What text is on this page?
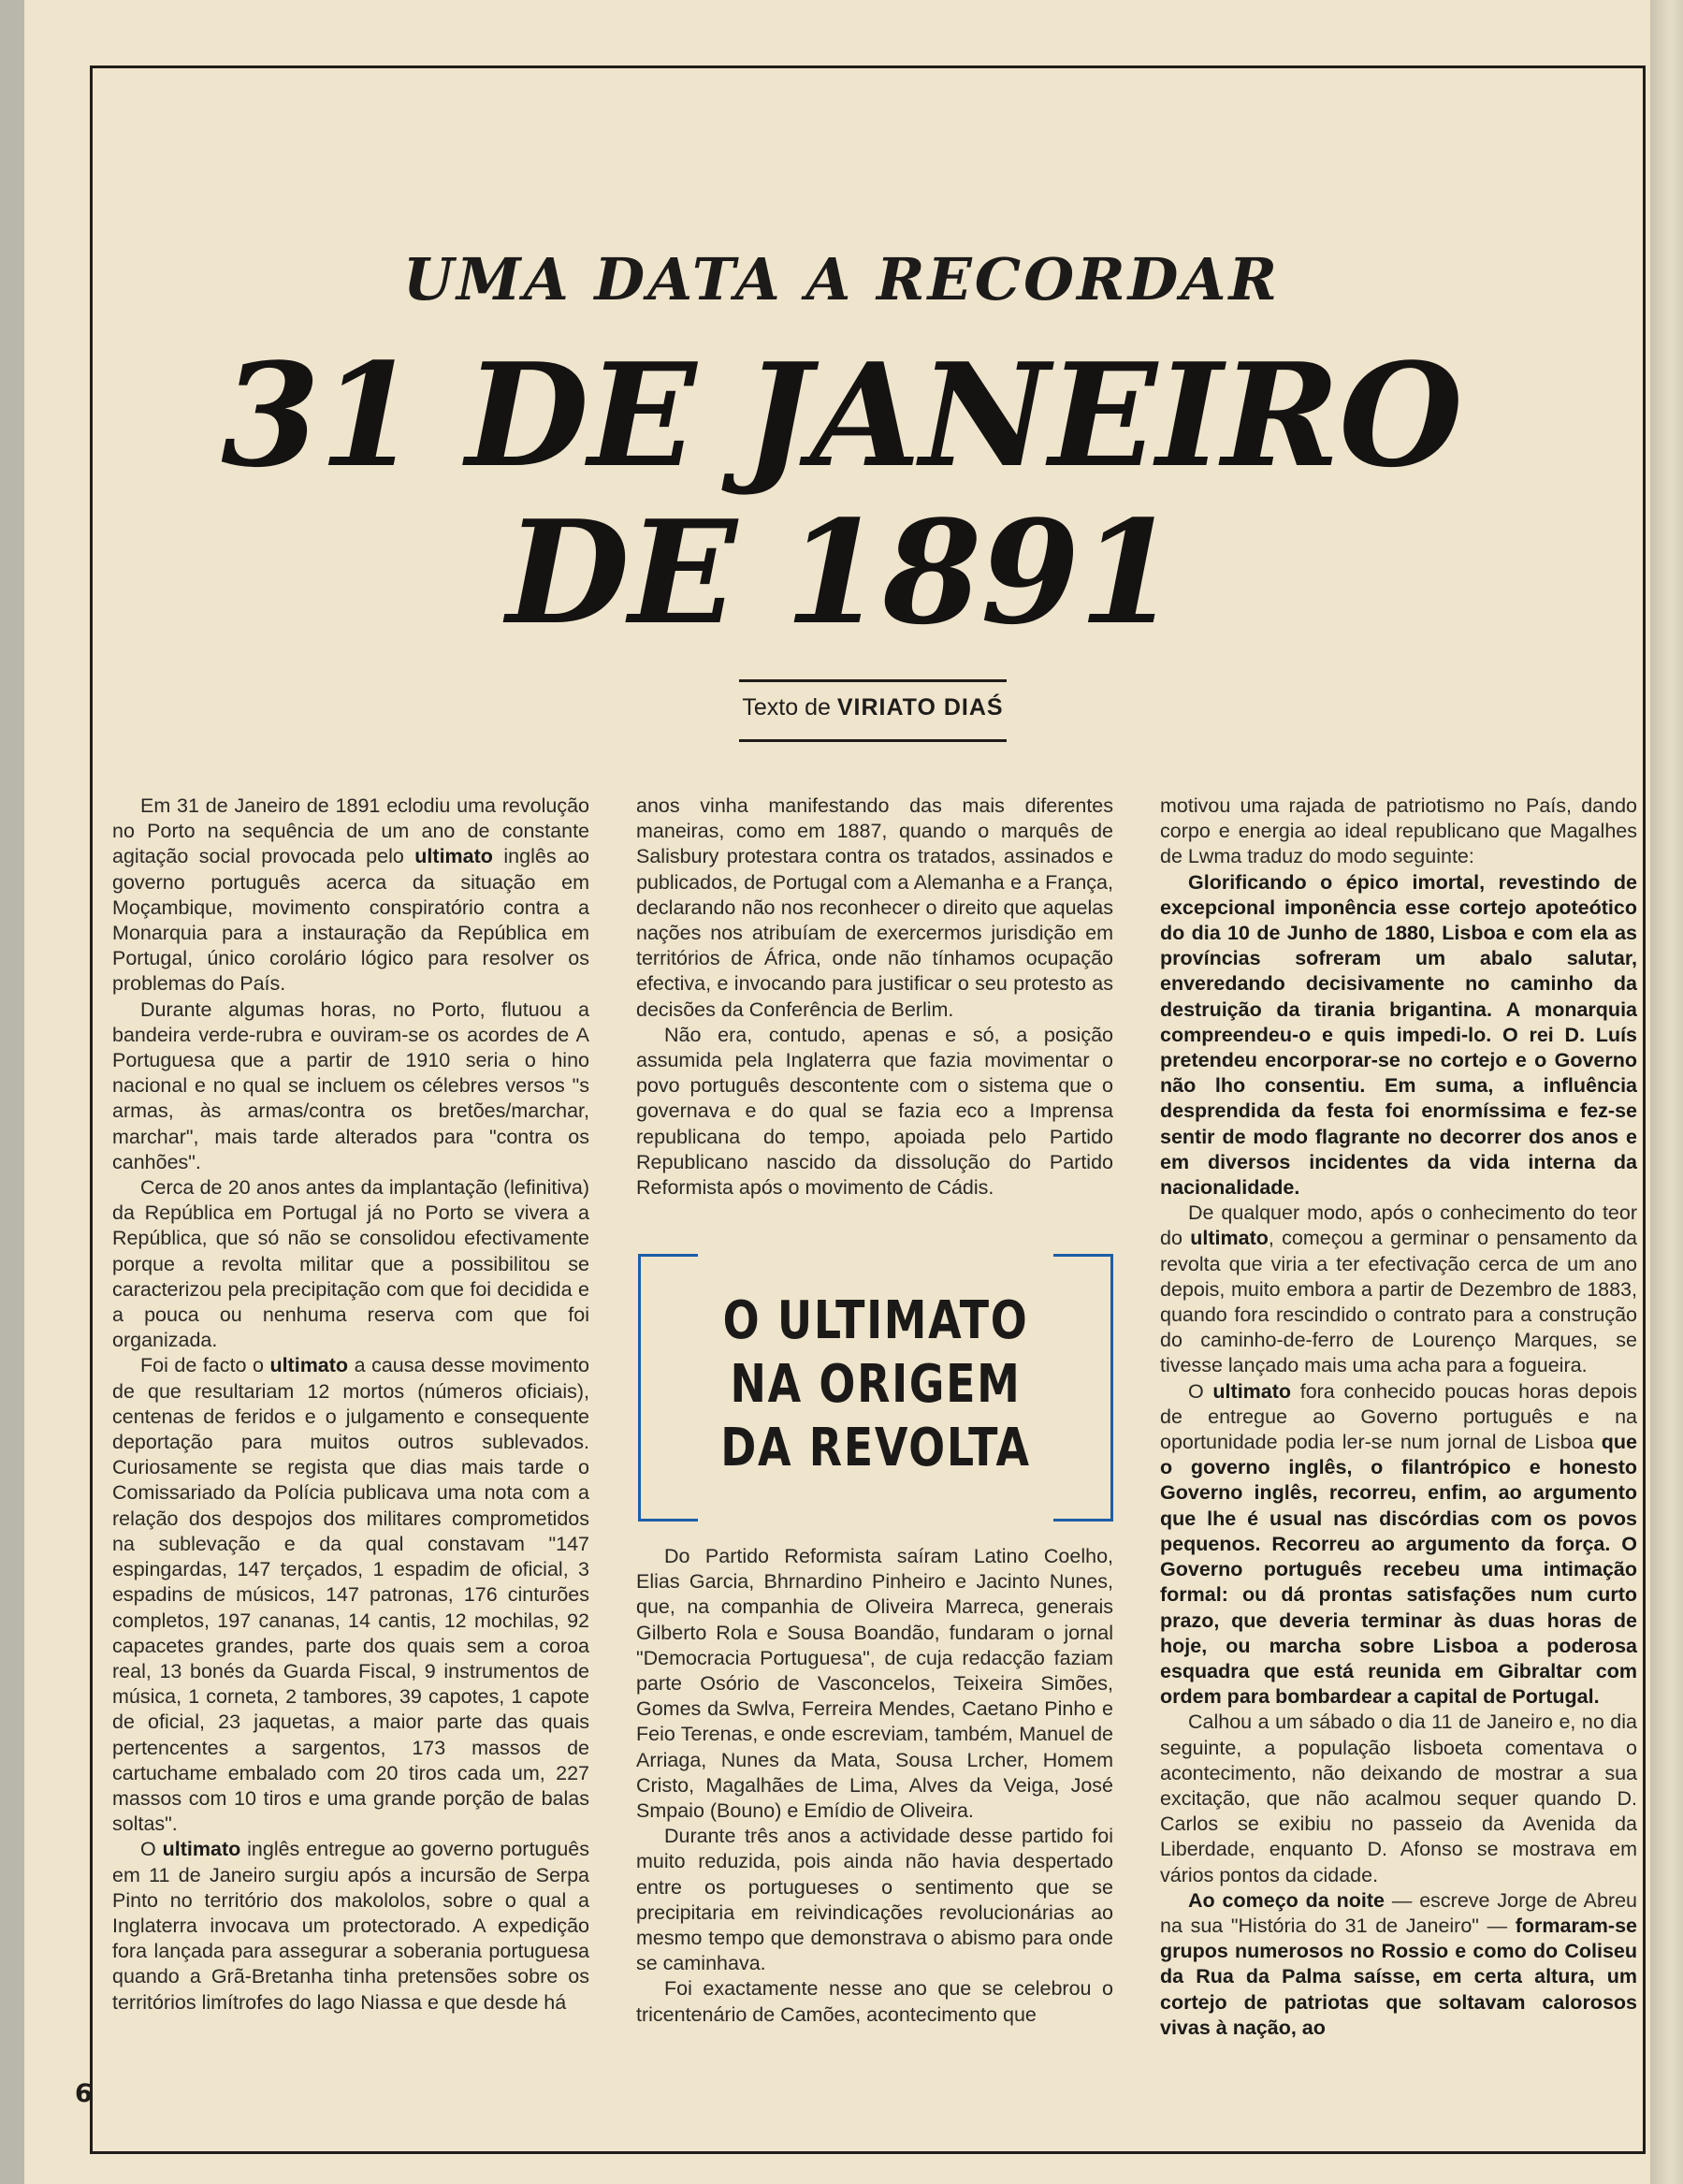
UMA DATA A RECORDAR
31 DE JANEIRO
DE 1891
Texto de VIRIATO DIAŚ

Em 31 de Janeiro de 1891 eclodiu uma revolução no Porto na sequência de um ano de constante agitação social provocada pelo ultimato inglês ao governo português acerca da situação em Moçambique, movimento conspiratório contra a Monarquia para a instauração da República em Portugal, único corolário lógico para resolver os problemas do País.

Durante algumas horas, no Porto, flutuou a bandeira verde-rubra e ouviram-se os acordes de A Portuguesa que a partir de 1910 seria o hino nacional e no qual se incluem os célebres versos "s armas, às armas/contra os bretões/marchar, marchar", mais tarde alterados para "contra os canhões".

Cerca de 20 anos antes da implantação (lefinitiva) da República em Portugal já no Porto se vivera a República, que só não se consolidou efectivamente porque a revolta militar que a possibilitou se caracterizou pela precipitação com que foi decidida e a pouca ou nenhuma reserva com que foi organizada.

Foi de facto o ultimato a causa desse movimento de que resultariam 12 mortos (números oficiais), centenas de feridos e o julgamento e consequente deportação para muitos outros sublevados. Curiosamente se regista que dias mais tarde o Comissariado da Polícia publicava uma nota com a relação dos despojos dos militares comprometidos na sublevação e da qual constavam "147 espingardas, 147 terçados, 1 espadim de oficial, 3 espadins de músicos, 147 patronas, 176 cinturões completos, 197 cananas, 14 cantis, 12 mochilas, 92 capacetes grandes, parte dos quais sem a coroa real, 13 bonés da Guarda Fiscal, 9 instrumentos de música, 1 corneta, 2 tambores, 39 capotes, 1 capote de oficial, 23 jaquetas, a maior parte das quais pertencentes a sargentos, 173 massos de cartuchame embalado com 20 tiros cada um, 227 massos com 10 tiros e uma grande porção de balas soltas".

O ultimato inglês entregue ao governo português em 11 de Janeiro surgiu após a incursão de Serpa Pinto no território dos makololos, sobre o qual a Inglaterra invocava um protectorado. A expedição fora lançada para assegurar a soberania portuguesa quando a Grã-Bretanha tinha pretensões sobre os territórios limítrofes do lago Niassa e que desde há

anos vinha manifestando das mais diferentes maneiras, como em 1887, quando o marquês de Salisbury protestara contra os tratados, assinados e publicados, de Portugal com a Alemanha e a França, declarando não nos reconhecer o direito que aquelas nações nos atribuíam de exercermos jurisdição em territórios de África, onde não tínhamos ocupação efectiva, e invocando para justificar o seu protesto as decisões da Conferência de Berlim.

Não era, contudo, apenas e só, a posição assumida pela Inglaterra que fazia movimentar o povo português descontente com o sistema que o governava e do qual se fazia eco a Imprensa republicana do tempo, apoiada pelo Partido Republicano nascido da dissolução do Partido Reformista após o movimento de Cádis.

O ULTIMATO
NA ORIGEM
DA REVOLTA

Do Partido Reformista saíram Latino Coelho, Elias Garcia, Bhrnardino Pinheiro e Jacinto Nunes, que, na companhia de Oliveira Marreca, generais Gilberto Rola e Sousa Boandão, fundaram o jornal "Democracia Portuguesa", de cuja redacção faziam parte Osório de Vasconcelos, Teixeira Simões, Gomes da Swlva, Ferreira Mendes, Caetano Pinho e Feio Terenas, e onde escreviam, também, Manuel de Arriaga, Nunes da Mata, Sousa Lrcher, Homem Cristo, Magalhães de Lima, Alves da Veiga, José Smpaio (Bouno) e Emídio de Oliveira.

Durante três anos a actividade desse partido foi muito reduzida, pois ainda não havia despertado entre os portugueses o sentimento que se precipitaria em reivindicações revolucionárias ao mesmo tempo que demonstrava o abismo para onde se caminhava.

Foi exactamente nesse ano que se celebrou o tricentenário de Camões, acontecimento que

motivou uma rajada de patriotismo no País, dando corpo e energia ao ideal republicano que Magalhes de Lwma traduz do modo seguinte:

Glorificando o épico imortal, revestindo de excepcional imponência esse cortejo apoteótico do dia 10 de Junho de 1880, Lisboa e com ela as províncias sofreram um abalo salutar, enveredando decisivamente no caminho da destruição da tirania brigantina. A monarquia compreendeu-o e quis impedi-lo. O rei D. Luís pretendeu encorporar-se no cortejo e o Governo não lho consentiu. Em suma, a influência desprendida da festa foi enormíssima e fez-se sentir de modo flagrante no decorrer dos anos e em diversos incidentes da vida interna da nacionalidade.

De qualquer modo, após o conhecimento do teor do ultimato, começou a germinar o pensamento da revolta que viria a ter efectivação cerca de um ano depois, muito embora a partir de Dezembro de 1883, quando fora rescindido o contrato para a construção do caminho-de-ferro de Lourenço Marques, se tivesse lançado mais uma acha para a fogueira.

O ultimato fora conhecido poucas horas depois de entregue ao Governo português e na oportunidade podia ler-se num jornal de Lisboa que o governo inglês, o filantrópico e honesto Governo inglês, recorreu, enfim, ao argumento que lhe é usual nas discórdias com os povos pequenos. Recorreu ao argumento da força. O Governo português recebeu uma intimação formal: ou dá prontas satisfações num curto prazo, que deveria terminar às duas horas de hoje, ou marcha sobre Lisboa a poderosa esquadra que está reunida em Gibraltar com ordem para bombardear a capital de Portugal.

Calhou a um sábado o dia 11 de Janeiro e, no dia seguinte, a população lisboeta comentava o acontecimento, não deixando de mostrar a sua excitação, que não acalmou sequer quando D. Carlos se exibiu no passeio da Avenida da Liberdade, enquanto D. Afonso se mostrava em vários pontos da cidade.

Ao começo da noite — escreve Jorge de Abreu na sua "História do 31 de Janeiro" — formaram-se grupos numerosos no Rossio e como do Coliseu da Rua da Palma saísse, em certa altura, um cortejo de patriotas que soltavam calorosos vivas à nação, ao

6
